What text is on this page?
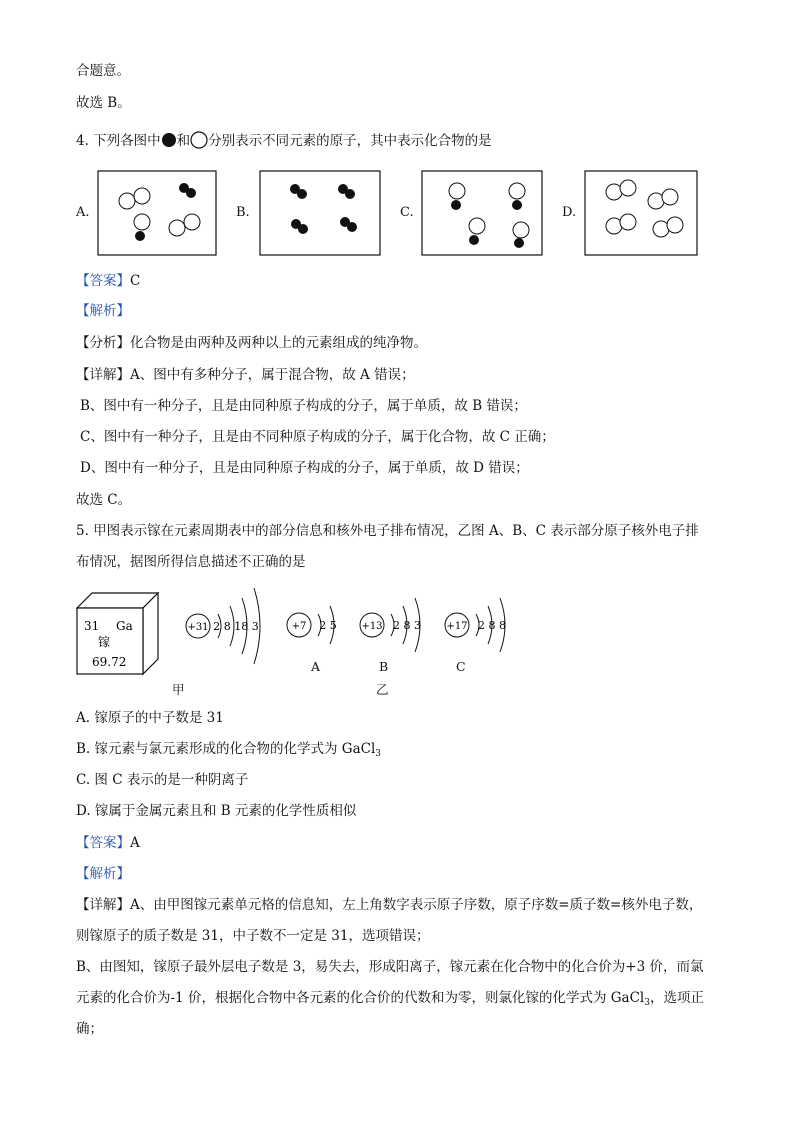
合题意。
故选 B。
4. 下列各图中 和 分别表示不同元素的原子，其中表示化合物的是
A.	B.	C.	D.
【答案】C
【解析】
【分析】化合物是由两种及两种以上的元素组成的纯净物。
【详解】A、图中有多种分子，属于混合物，故 A 错误；
B、图中有一种分子，且是由同种原子构成的分子，属于单质，故 B 错误；
C、图中有一种分子，且是由不同种原子构成的分子，属于化合物，故 C 正确；
D、图中有一种分子，且是由同种原子构成的分子，属于单质，故 D 错误；
故选 C。
5. 甲图表示镓在元素周期表中的部分信息和核外电子排布情况，乙图 A、B、C 表示部分原子核外电子排
布情况，据图所得信息描述不正确的是
31 Ga
镓
69.72
+31 2 8 18 3	+7 2 5
A
+13 2 8 3
B
+17 2 8 8
C
甲	乙
A. 镓原子的中子数是 31
B. 镓元素与氯元素形成的化合物的化学式为 GaCl$_3$
C. 图 C 表示的是一种阴离子
D. 镓属于金属元素且和 B 元素的化学性质相似
【答案】A
【解析】
【详解】A、由甲图镓元素单元格的信息知，左上角数字表示原子序数，原子序数=质子数=核外电子数，
则镓原子的质子数是 31，中子数不一定是 31，选项错误；
B、由图知，镓原子最外层电子数是 3，易失去，形成阳离子，镓元素在化合物中的化合价为+3 价，而氯
元素的化合价为-1 价，根据化合物中各元素的化合价的代数和为零，则氯化镓的化学式为 GaCl$_3$，选项正
确；
